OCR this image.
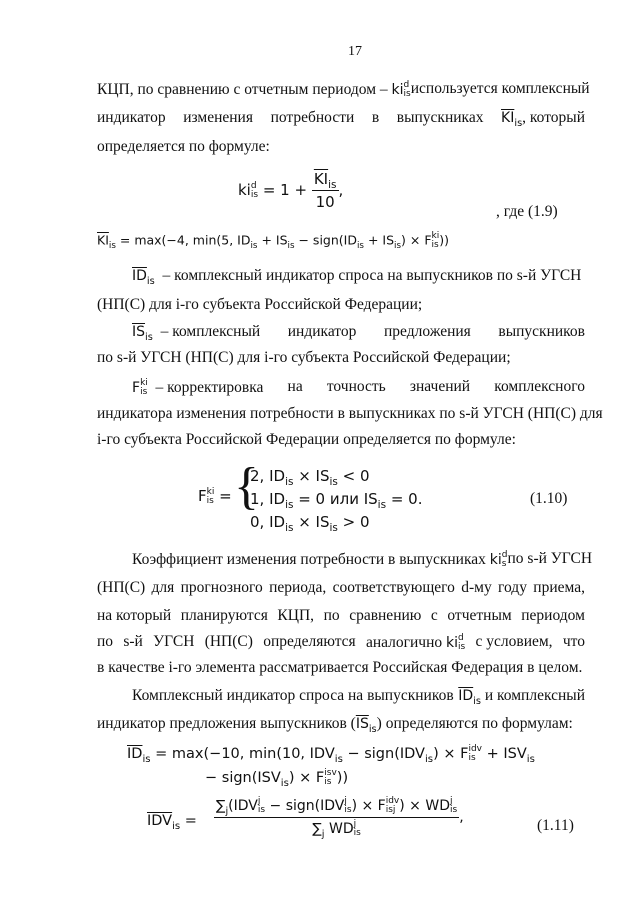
17
КЦП, по сравнению с отчетным периодом – ki d
is используется комплексный
индикатор изменения потребности в выпускниках $\overline{KI}_{is}$, который
определяется по формуле:
ki d
is = $1 + \frac{\overline{KI}_{is}}{10}$ ,
, где (1.9)
$\overline{KI}_{is} = \max(-4$, min(5, $ID_{is} + IS_{is}$ − $sign(ID_{is} + IS_{is}) \times F$ ki
is ))
$\overline{ID}_{is}$ – комплексный индикатор спроса на выпускников по s-й УГСН
(НП(С) для i-го субъекта Российской Федерации;
$\overline{IS}_{is}$ – комплексный индикатор предложения выпускников
по s-й УГСН (НП(С) для i-го субъекта Российской Федерации;
F ki
is – корректировка на точность значений комплексного
индикатора изменения потребности в выпускниках по s-й УГСН (НП(С) для
i-го субъекта Российской Федерации определяется по формуле:
F ki
is = {
2, $ID_{is} \times IS_{is} < 0$
1, $ID_{is} = 0$ или $IS_{is} = 0$.
0, $ID_{is} \times IS_{is} > 0$
(1.10)
Коэффициент изменения потребности в выпускниках ki d
s по s-й УГСН
(НП(С) для прогнозного периода, соответствующего d-му году приема,
на который планируются КЦП, по сравнению с отчетным периодом
по s-й УГСН (НП(С) определяются аналогично ki d
is с условием, что
в качестве i-го элемента рассматривается Российская Федерация в целом.
Комплексный индикатор спроса на выпускников $\overline{ID}_{is}$ и комплексный
индикатор предложения выпускников $(\overline{IS}_{is})$ определяются по формулам:
$\overline{ID}_{is} = \max(-10$, min(10, $IDV_{is}$ − $sign(IDV_{is}) \times F$ idv
is + $ISV_{is}$
− $sign(ISV_{is}) \times F$ isv
is ))
(1.11)
$\overline{IDV}_{is} = \sum_j(IDV$ j
is − sign(IDV j
is ) × F idv
isj ) × WD j
is
$\sum_j$ WD j
is ,
